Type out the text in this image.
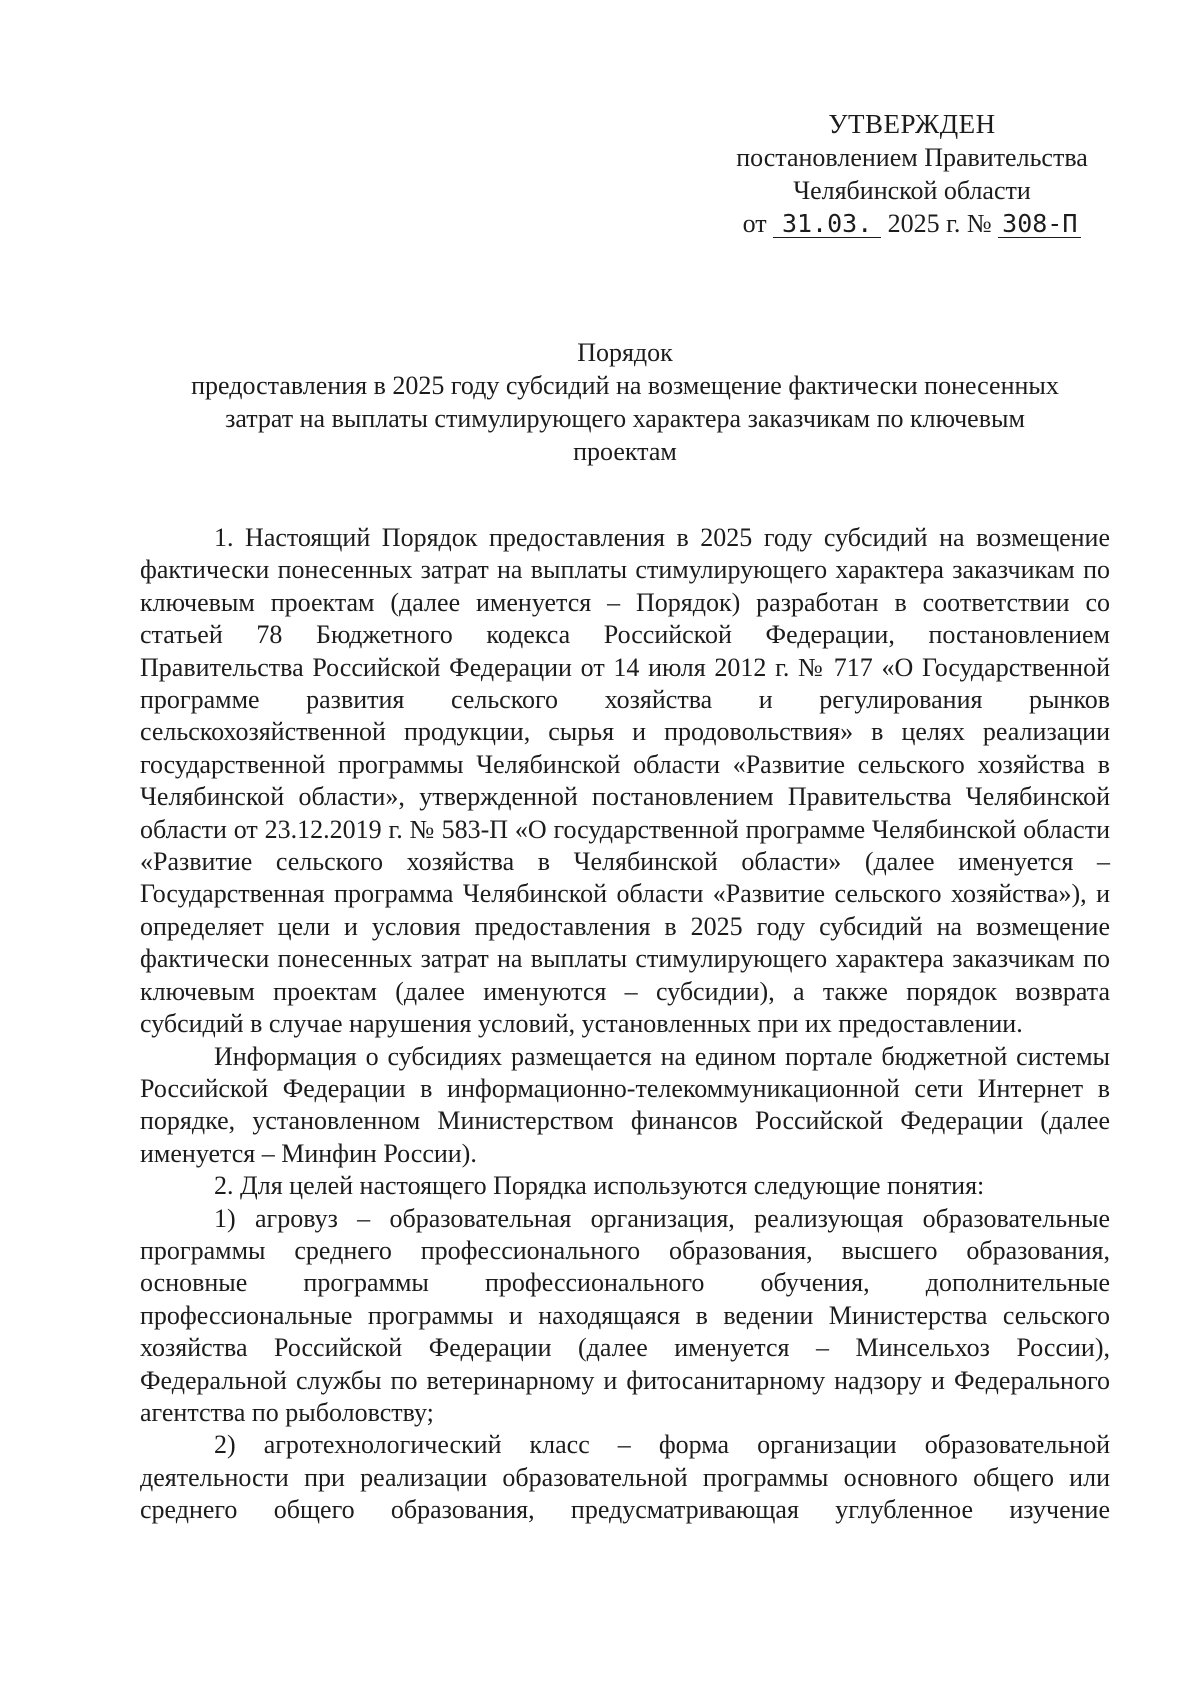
УТВЕРЖДЕН
постановлением Правительства
Челябинской области
от 31.03. 2025 г. № 308-П
Порядок
предоставления в 2025 году субсидий на возмещение фактически понесенных
затрат на выплаты стимулирующего характера заказчикам по ключевым
проектам

1. Настоящий Порядок предоставления в 2025 году субсидий на возмещение фактически понесенных затрат на выплаты стимулирующего характера заказчикам по ключевым проектам (далее именуется – Порядок) разработан в соответствии со статьей 78 Бюджетного кодекса Российской Федерации, постановлением Правительства Российской Федерации от 14 июля 2012 г. № 717 «О Государственной программе развития сельского хозяйства и регулирования рынков сельскохозяйственной продукции, сырья и продовольствия» в целях реализации государственной программы Челябинской области «Развитие сельского хозяйства в Челябинской области», утвержденной постановлением Правительства Челябинской области от 23.12.2019 г. № 583-П «О государственной программе Челябинской области «Развитие сельского хозяйства в Челябинской области» (далее именуется – Государственная программа Челябинской области «Развитие сельского хозяйства»), и определяет цели и условия предоставления в 2025 году субсидий на возмещение фактически понесенных затрат на выплаты стимулирующего характера заказчикам по ключевым проектам (далее именуются – субсидии), а также порядок возврата субсидий в случае нарушения условий, установленных при их предоставлении.

Информация о субсидиях размещается на едином портале бюджетной системы Российской Федерации в информационно-телекоммуникационной сети Интернет в порядке, установленном Министерством финансов Российской Федерации (далее именуется – Минфин России).

2. Для целей настоящего Порядка используются следующие понятия:

1) агровуз – образовательная организация, реализующая образовательные программы среднего профессионального образования, высшего образования, основные программы профессионального обучения, дополнительные профессиональные программы и находящаяся в ведении Министерства сельского хозяйства Российской Федерации (далее именуется – Минсельхоз России), Федеральной службы по ветеринарному и фитосанитарному надзору и Федерального агентства по рыболовству;

2) агротехнологический класс – форма организации образовательной деятельности при реализации образовательной программы основного общего или среднего общего образования, предусматривающая углубленное изучение
